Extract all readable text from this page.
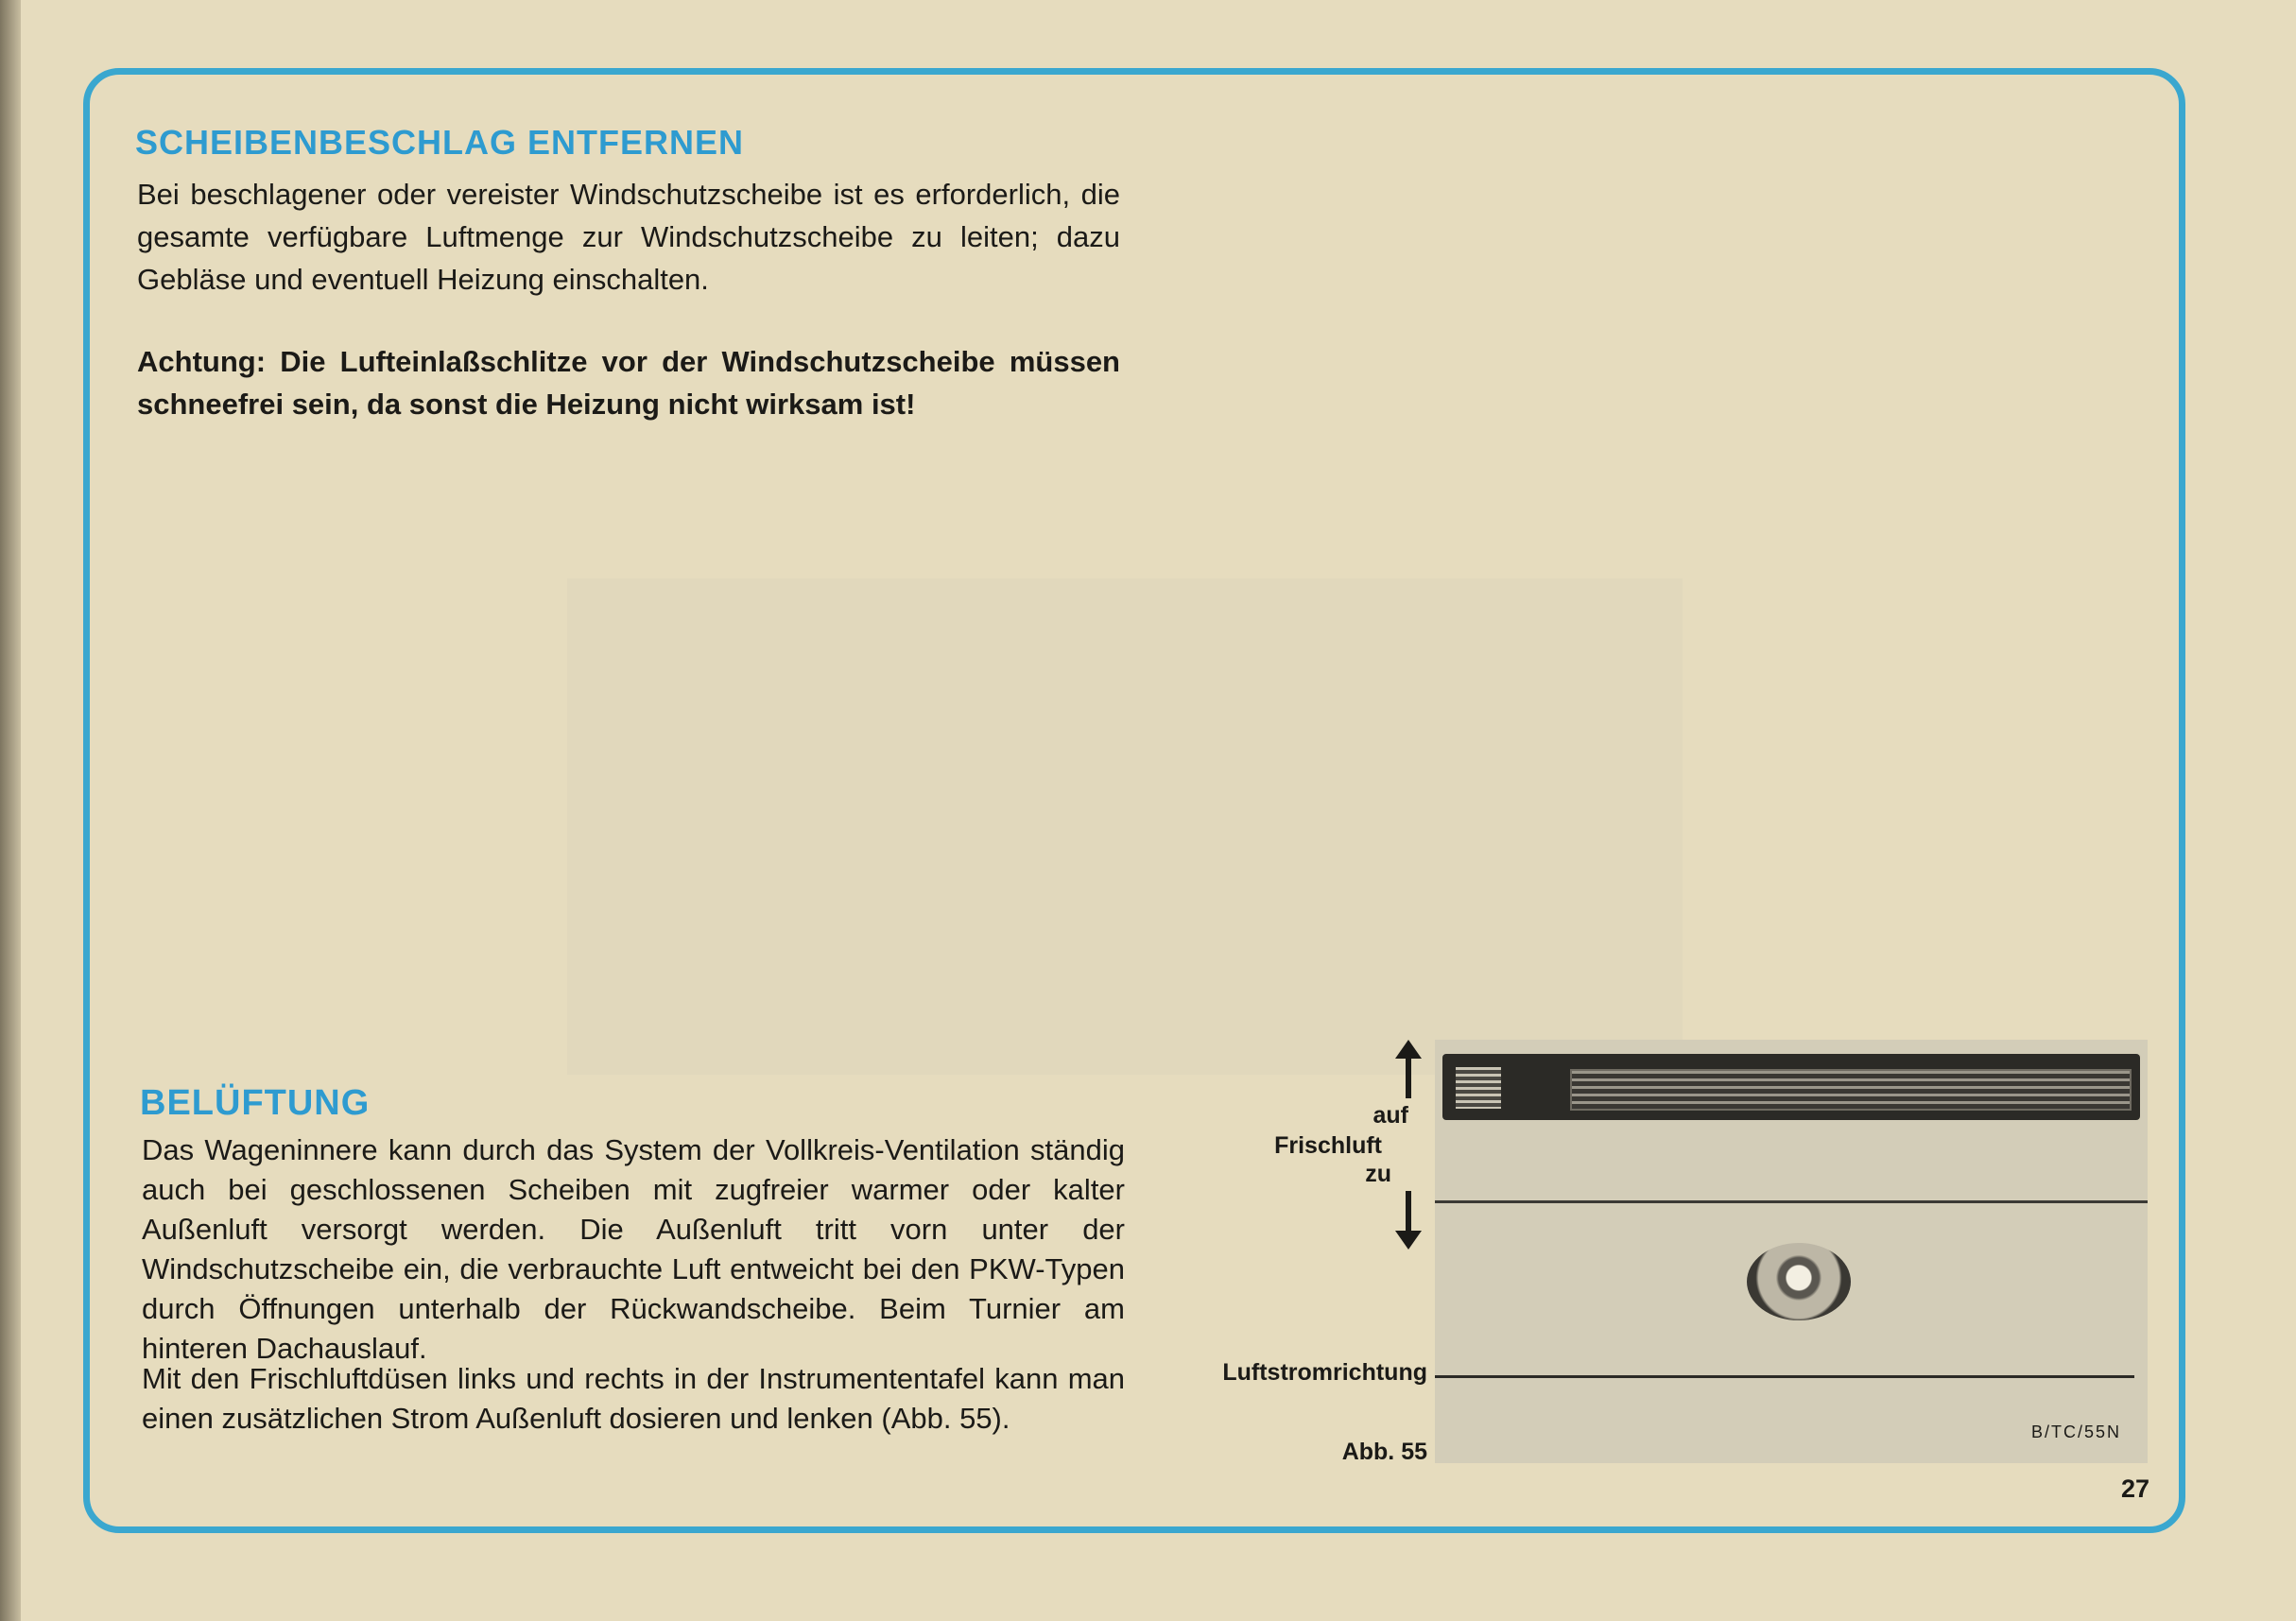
SCHEIBENBESCHLAG ENTFERNEN

Bei beschlagener oder vereister Windschutzscheibe ist es erforderlich, die gesamte verfügbare Luftmenge zur Windschutzscheibe zu leiten; dazu Gebläse und eventuell Heizung einschalten.

Achtung: Die Lufteinlaßschlitze vor der Windschutzscheibe müssen schneefrei sein, da sonst die Heizung nicht wirksam ist!

BELÜFTUNG

Das Wageninnere kann durch das System der Vollkreis-Ventilation ständig auch bei geschlossenen Scheiben mit zugfreier warmer oder kalter Außenluft versorgt werden. Die Außenluft tritt vorn unter der Windschutzscheibe ein, die verbrauchte Luft entweicht bei den PKW-Typen durch Öffnungen unterhalb der Rückwandscheibe. Beim Turnier am hinteren Dachauslauf.

Mit den Frischluftdüsen links und rechts in der Instrumententafel kann man einen zusätzlichen Strom Außenluft dosieren und lenken (Abb. 55).

auf
Frischluft
zu
B/TC/55N
Luftstromrichtung
Abb. 55
27
